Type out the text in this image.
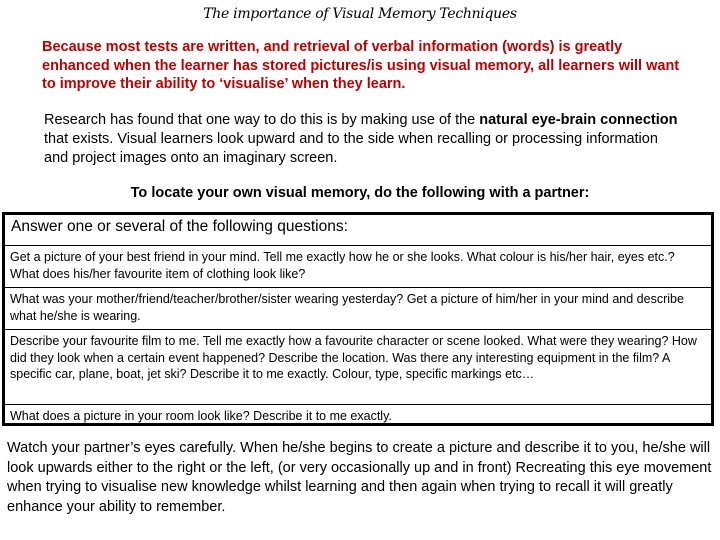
The importance of Visual Memory Techniques
Because most tests are written, and retrieval of verbal information (words) is greatly enhanced when the learner has stored pictures/is using visual memory, all learners will want to improve their ability to ‘visualise’ when they learn.
Research has found that one way to do this is by making use of the natural eye-brain connection that exists. Visual learners look upward and to the side when recalling or processing information and project images onto an imaginary screen.
To locate your own visual memory, do the following with a partner:
Answer one or several of the following questions:
Get a picture of your best friend in your mind. Tell me exactly how he or she looks. What colour is his/her hair, eyes etc.? What does his/her favourite item of clothing look like?
What was your mother/friend/teacher/brother/sister wearing yesterday? Get a picture of him/her in your mind and describe what he/she is wearing.
Describe your favourite film to me. Tell me exactly how a favourite character or scene looked. What were they wearing? How did they look when a certain event happened? Describe the location. Was there any interesting equipment in the film? A specific car, plane, boat, jet ski? Describe it to me exactly. Colour, type, specific markings etc…
What does a picture in your room look like? Describe it to me exactly.
Watch your partner’s eyes carefully. When he/she begins to create a picture and describe it to you, he/she will look upwards either to the right or the left, (or very occasionally up and in front) Recreating this eye movement when trying to visualise new knowledge whilst learning and then again when trying to recall it will greatly enhance your ability to remember.
